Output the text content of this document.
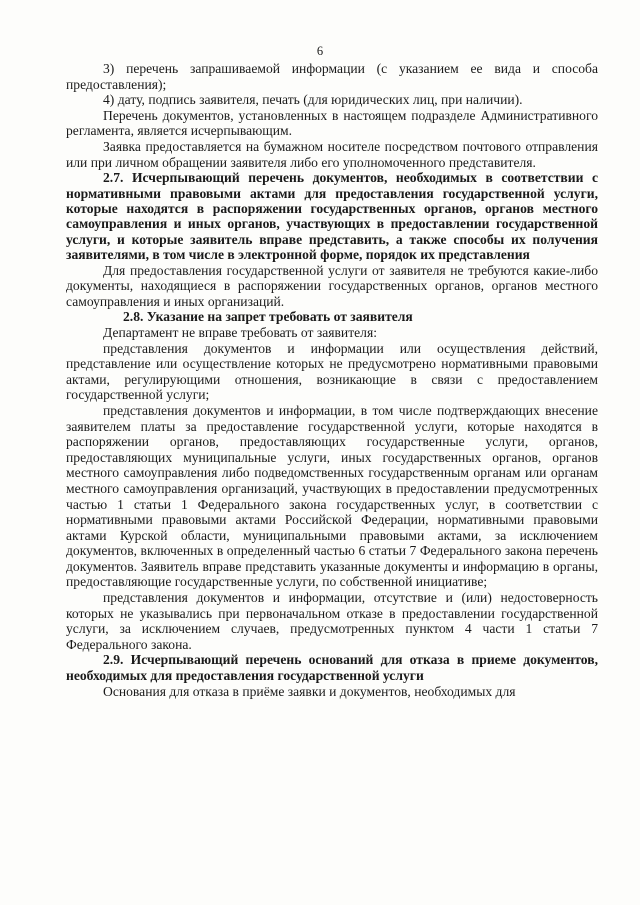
6

3) перечень запрашиваемой информации (с указанием ее вида и способа предоставления);

4) дату, подпись заявителя, печать (для юридических лиц, при наличии).

Перечень документов, установленных в настоящем подразделе Административного регламента, является исчерпывающим.

Заявка предоставляется на бумажном носителе посредством почтового отправления или при личном обращении заявителя либо его уполномоченного представителя.

2.7. Исчерпывающий перечень документов, необходимых в соответствии с нормативными правовыми актами для предоставления государственной услуги, которые находятся в распоряжении государственных органов, органов местного самоуправления и иных органов, участвующих в предоставлении государственной услуги, и которые заявитель вправе представить, а также способы их получения заявителями, в том числе в электронной форме, порядок их представления

Для предоставления государственной услуги от заявителя не требуются какие-либо документы, находящиеся в распоряжении государственных органов, органов местного самоуправления и иных организаций.

2.8. Указание на запрет требовать от заявителя

Департамент не вправе требовать от заявителя:

представления документов и информации или осуществления действий, представление или осуществление которых не предусмотрено нормативными правовыми актами, регулирующими отношения, возникающие в связи с предоставлением государственной услуги;

представления документов и информации, в том числе подтверждающих внесение заявителем платы за предоставление государственной услуги, которые находятся в распоряжении органов, предоставляющих государственные услуги, органов, предоставляющих муниципальные услуги, иных государственных органов, органов местного самоуправления либо подведомственных государственным органам или органам местного самоуправления организаций, участвующих в предоставлении предусмотренных частью 1 статьи 1 Федерального закона государственных услуг, в соответствии с нормативными правовыми актами Российской Федерации, нормативными правовыми актами Курской области, муниципальными правовыми актами, за исключением документов, включенных в определенный частью 6 статьи 7 Федерального закона перечень документов. Заявитель вправе представить указанные документы и информацию в органы, предоставляющие государственные услуги, по собственной инициативе;

представления документов и информации, отсутствие и (или) недостоверность которых не указывались при первоначальном отказе в предоставлении государственной услуги, за исключением случаев, предусмотренных пунктом 4 части 1 статьи 7 Федерального закона.

2.9. Исчерпывающий перечень оснований для отказа в приеме документов, необходимых для предоставления государственной услуги

Основания для отказа в приёме заявки и документов, необходимых для
